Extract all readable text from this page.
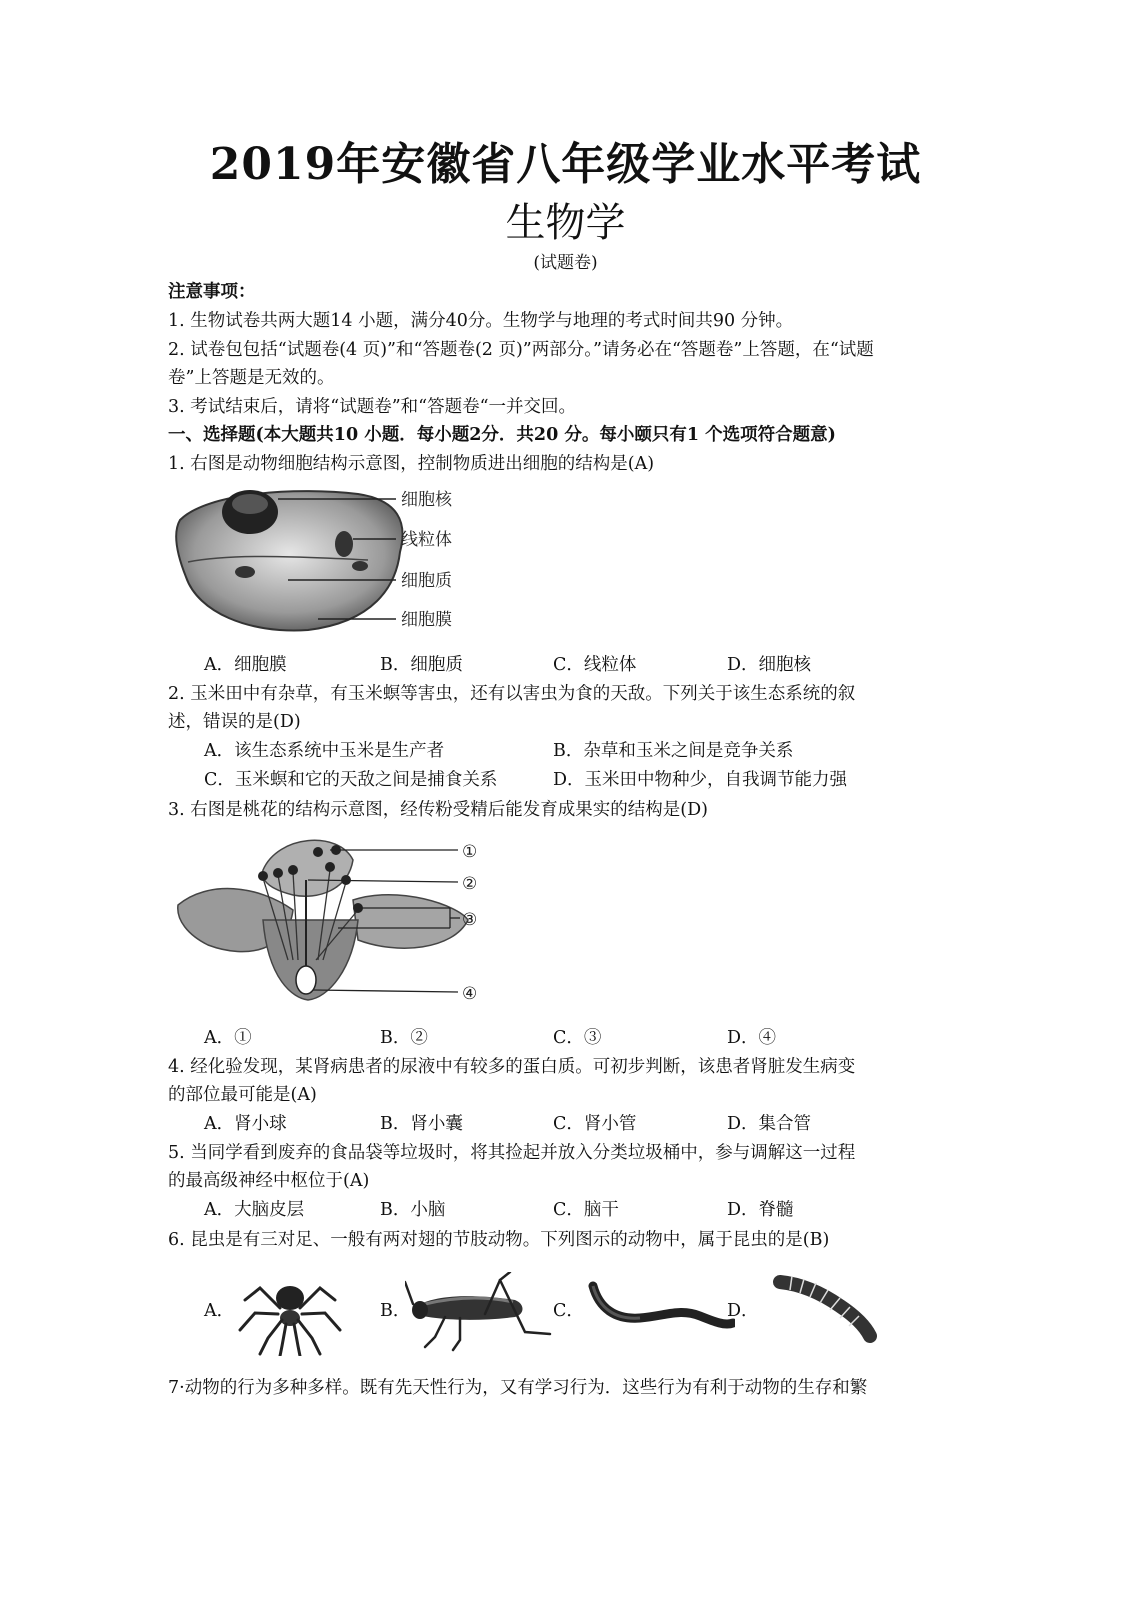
2019年安徽省八年级学业水平考试
生物学
(试题卷)
注意事项：
1. 生物试卷共两大题14 小题，满分40分。生物学与地理的考式时间共90 分钟。
2. 试卷包包括“试题卷(4 页)”和“答题卷(2 页)”两部分。”请务必在“答题卷”上答题，在“试题
卷”上答题是无效的。
3. 考试结束后，请将“试题卷”和“答题卷“一并交回。
一、选择题(本大题共10 小题．每小题2分．共20 分。每小颐只有1 个选项符合题意)
1. 右图是动物细胞结构示意图，控制物质进出细胞的结构是(A)
细胞核
线粒体
细胞质
细胞膜
A．细胞膜	B．细胞质	C．线粒体	D．细胞核
2. 玉米田中有杂草，有玉米螟等害虫，还有以害虫为食的天敌。下列关于该生态系统的叙
述，错误的是(D)
A．该生态系统中玉米是生产者	B．杂草和玉米之间是竞争关系
C．玉米螟和它的天敌之间是捕食关系	D．玉米田中物种少，自我调节能力强
3. 右图是桃花的结构示意图，经传粉受精后能发育成果实的结构是(D)
①
②
③
④
A．①	B．②	C．③	D．④
4. 经化验发现，某肾病患者的尿液中有较多的蛋白质。可初步判断，该患者肾脏发生病变
的部位最可能是(A)
A．肾小球	B．肾小囊	C．肾小管	D．集合管
5. 当同学看到废弃的食品袋等垃圾时，将其捡起并放入分类垃圾桶中，参与调解这一过程
的最高级神经中枢位于(A)
A．大脑皮层	B．小脑	C．脑干	D．脊髓
6. 昆虫是有三对足、一般有两对翅的节肢动物。下列图示的动物中，属于昆虫的是(B)
A．	B．	C．	D．
7·动物的行为多种多样。既有先天性行为，又有学习行为．这些行为有利于动物的生存和繁
